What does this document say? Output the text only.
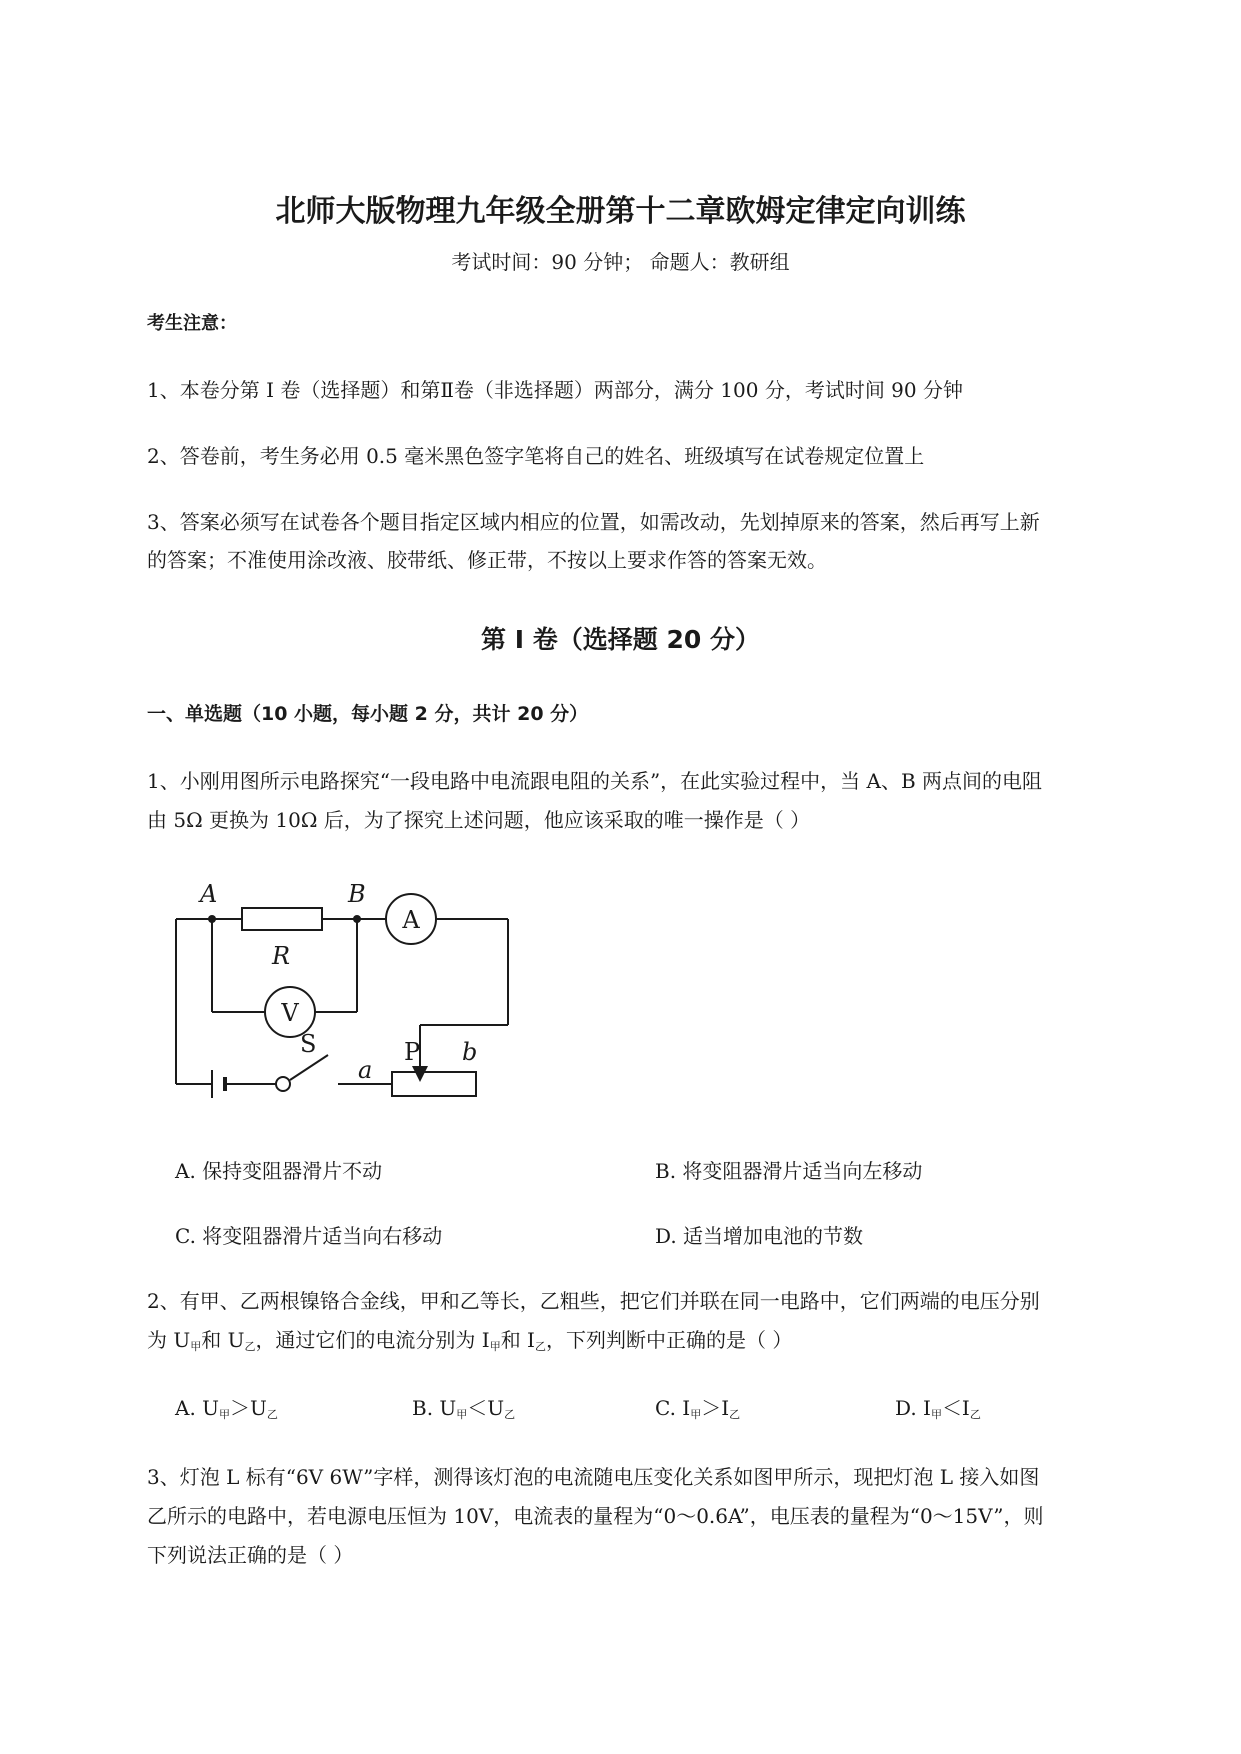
北师大版物理九年级全册第十二章欧姆定律定向训练
考试时间：90 分钟； 命题人：教研组
考生注意：
1、本卷分第 I 卷（选择题）和第Ⅱ卷（非选择题）两部分，满分 100 分，考试时间 90 分钟
2、答卷前，考生务必用 0.5 毫米黑色签字笔将自己的姓名、班级填写在试卷规定位置上
3、答案必须写在试卷各个题目指定区域内相应的位置，如需改动，先划掉原来的答案，然后再写上新
的答案；不准使用涂改液、胶带纸、修正带，不按以上要求作答的答案无效。
第 I 卷（选择题 20 分）
一、单选题（10 小题，每小题 2 分，共计 20 分）
1、小刚用图所示电路探究“一段电路中电流跟电阻的关系”，在此实验过程中，当 A、B 两点间的电阻
由 5Ω 更换为 10Ω 后，为了探究上述问题，他应该采取的唯一操作是（ ）
A	B
R
A
V
S	P
a
b
A. 保持变阻器滑片不动	B. 将变阻器滑片适当向左移动
C. 将变阻器滑片适当向右移动	D. 适当增加电池的节数
2、有甲、乙两根镍铬合金线，甲和乙等长，乙粗些，把它们并联在同一电路中，它们两端的电压分别
为 $U_甲$和 $U_乙$，通过它们的电流分别为 $I_甲$和 $I_乙$，下列判断中正确的是（ ）
A. $U_甲>U_乙$	B. $U_甲<U_乙$	C. $I_甲>I_乙$	D. $I_甲<I_乙$
3、灯泡 L 标有“6V 6W”字样，测得该灯泡的电流随电压变化关系如图甲所示，现把灯泡 L 接入如图
乙所示的电路中，若电源电压恒为 10V，电流表的量程为“0～0.6A”，电压表的量程为“0～15V”，则
下列说法正确的是（ ）
